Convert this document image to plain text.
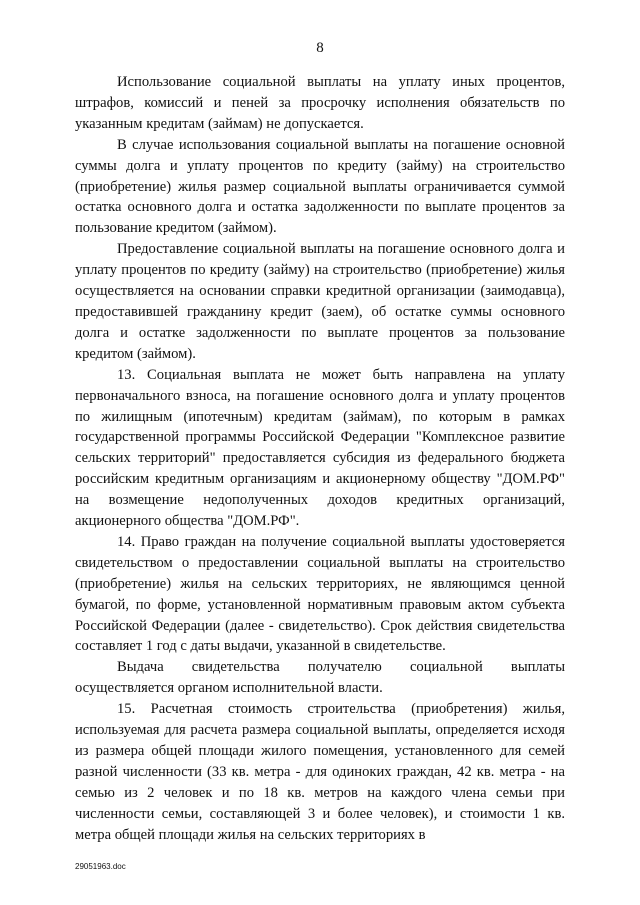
8

Использование социальной выплаты на уплату иных процентов, штрафов, комиссий и пеней за просрочку исполнения обязательств по указанным кредитам (займам) не допускается.

В случае использования социальной выплаты на погашение основной суммы долга и уплату процентов по кредиту (займу) на строительство (приобретение) жилья размер социальной выплаты ограничивается суммой остатка основного долга и остатка задолженности по выплате процентов за пользование кредитом (займом).

Предоставление социальной выплаты на погашение основного долга и уплату процентов по кредиту (займу) на строительство (приобретение) жилья осуществляется на основании справки кредитной организации (заимодавца), предоставившей гражданину кредит (заем), об остатке суммы основного долга и остатке задолженности по выплате процентов за пользование кредитом (займом).

13. Социальная выплата не может быть направлена на уплату первоначального взноса, на погашение основного долга и уплату процентов по жилищным (ипотечным) кредитам (займам), по которым в рамках государственной программы Российской Федерации "Комплексное развитие сельских территорий" предоставляется субсидия из федерального бюджета российским кредитным организациям и акционерному обществу "ДОМ.РФ" на возмещение недополученных доходов кредитных организаций, акционерного общества "ДОМ.РФ".

14. Право граждан на получение социальной выплаты удостоверяется свидетельством о предоставлении социальной выплаты на строительство (приобретение) жилья на сельских территориях, не являющимся ценной бумагой, по форме, установленной нормативным правовым актом субъекта Российской Федерации (далее - свидетельство). Срок действия свидетельства составляет 1 год с даты выдачи, указанной в свидетельстве.

Выдача свидетельства получателю социальной выплаты осуществляется органом исполнительной власти.

15. Расчетная стоимость строительства (приобретения) жилья, используемая для расчета размера социальной выплаты, определяется исходя из размера общей площади жилого помещения, установленного для семей разной численности (33 кв. метра - для одиноких граждан, 42 кв. метра - на семью из 2 человек и по 18 кв. метров на каждого члена семьи при численности семьи, составляющей 3 и более человек), и стоимости 1 кв. метра общей площади жилья на сельских территориях в

29051963.doc
